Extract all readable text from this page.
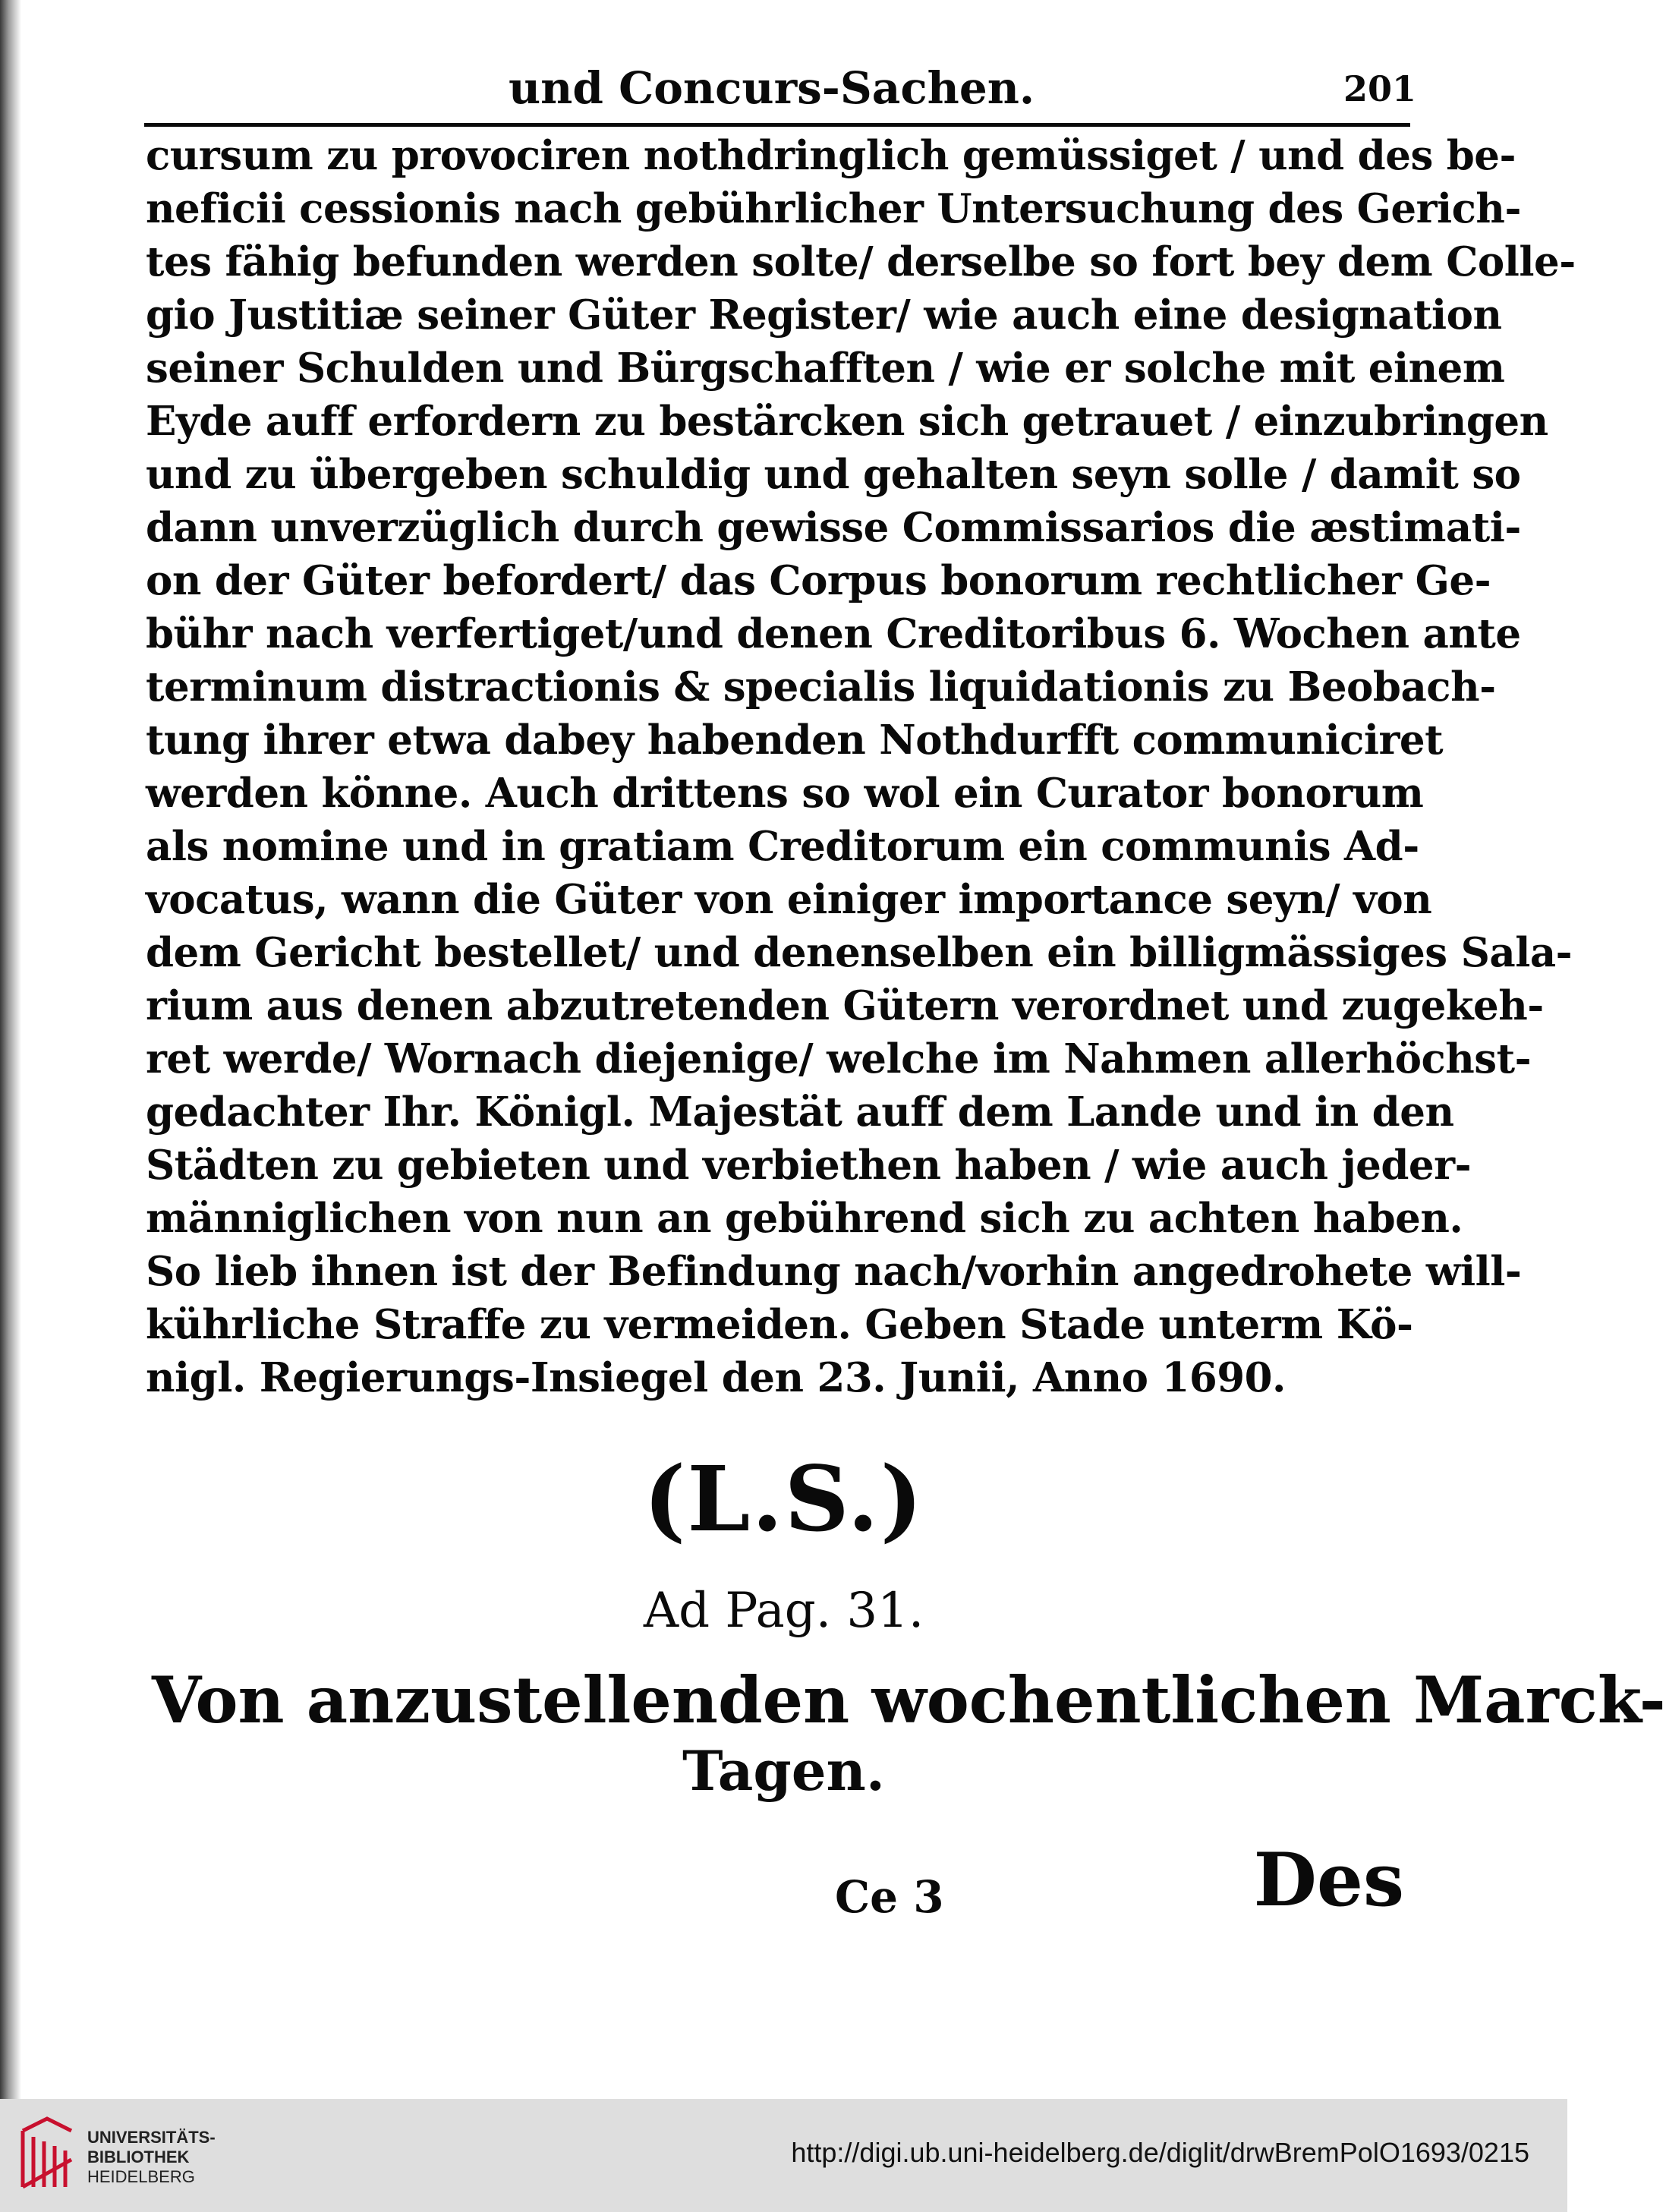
und Concurs-Sachen.	201
cursum zu provociren nothdringlich gemüssiget / und des be-
neficii cessionis nach gebührlicher Untersuchung des Gerich-
tes fähig befunden werden solte/ derselbe so fort bey dem Colle-
gio Justitiæ seiner Güter Register/ wie auch eine designation
seiner Schulden und Bürgschafften / wie er solche mit einem
Eyde auff erfordern zu bestärcken sich getrauet / einzubringen
und zu übergeben schuldig und gehalten seyn solle / damit so
dann unverzüglich durch gewisse Commissarios die æstimati-
on der Güter befordert/ das Corpus bonorum rechtlicher Ge-
bühr nach verfertiget/und denen Creditoribus 6. Wochen ante
terminum distractionis & specialis liquidationis zu Beobach-
tung ihrer etwa dabey habenden Nothdurfft communiciret
werden könne. Auch drittens so wol ein Curator bonorum
als nomine und in gratiam Creditorum ein communis Ad-
vocatus, wann die Güter von einiger importance seyn/ von
dem Gericht bestellet/ und denenselben ein billigmässiges Sala-
rium aus denen abzutretenden Gütern verordnet und zugekeh-
ret werde/ Wornach diejenige/ welche im Nahmen allerhöchst-
gedachter Ihr. Königl. Majestät auff dem Lande und in den
Städten zu gebieten und verbiethen haben / wie auch jeder-
männiglichen von nun an gebührend sich zu achten haben.
So lieb ihnen ist der Befindung nach/vorhin angedrohete will-
kührliche Straffe zu vermeiden. Geben Stade unterm Kö-
nigl. Regierungs-Insiegel den 23. Junii, Anno 1690.
(L.S.)
Ad Pag. 31.
Von anzustellenden wochentlichen Marck-
Tagen.
Ce 3	Des
UNIVERSITÄTS-
BIBLIOTHEK
HEIDELBERG
http://digi.ub.uni-heidelberg.de/diglit/drwBremPolO1693/0215
